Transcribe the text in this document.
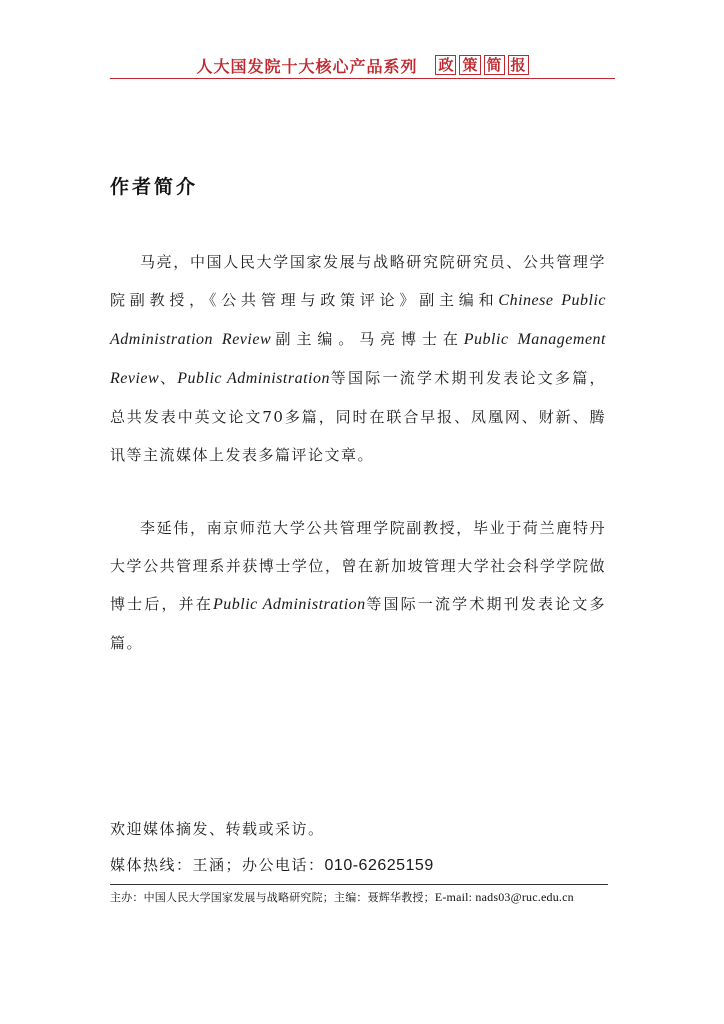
人大国发院十大核心产品系列 政 策 简 报
作者简介

马亮，中国人民大学国家发展与战略研究院研究员、公共管理学院副教授，《公共管理与政策评论》副主编和Chinese Public Administration Review副主编。马亮博士在Public Management Review、Public Administration等国际一流学术期刊发表论文多篇，总共发表中英文论文70多篇，同时在联合早报、凤凰网、财新、腾讯等主流媒体上发表多篇评论文章。

李延伟，南京师范大学公共管理学院副教授，毕业于荷兰鹿特丹大学公共管理系并获博士学位，曾在新加坡管理大学社会科学学院做博士后，并在Public Administration等国际一流学术期刊发表论文多篇。

欢迎媒体摘发、转载或采访。

媒体热线：王涵；办公电话：010-62625159

主办：中国人民大学国家发展与战略研究院；主编：聂辉华教授；E-mail: nads03@ruc.edu.cn
